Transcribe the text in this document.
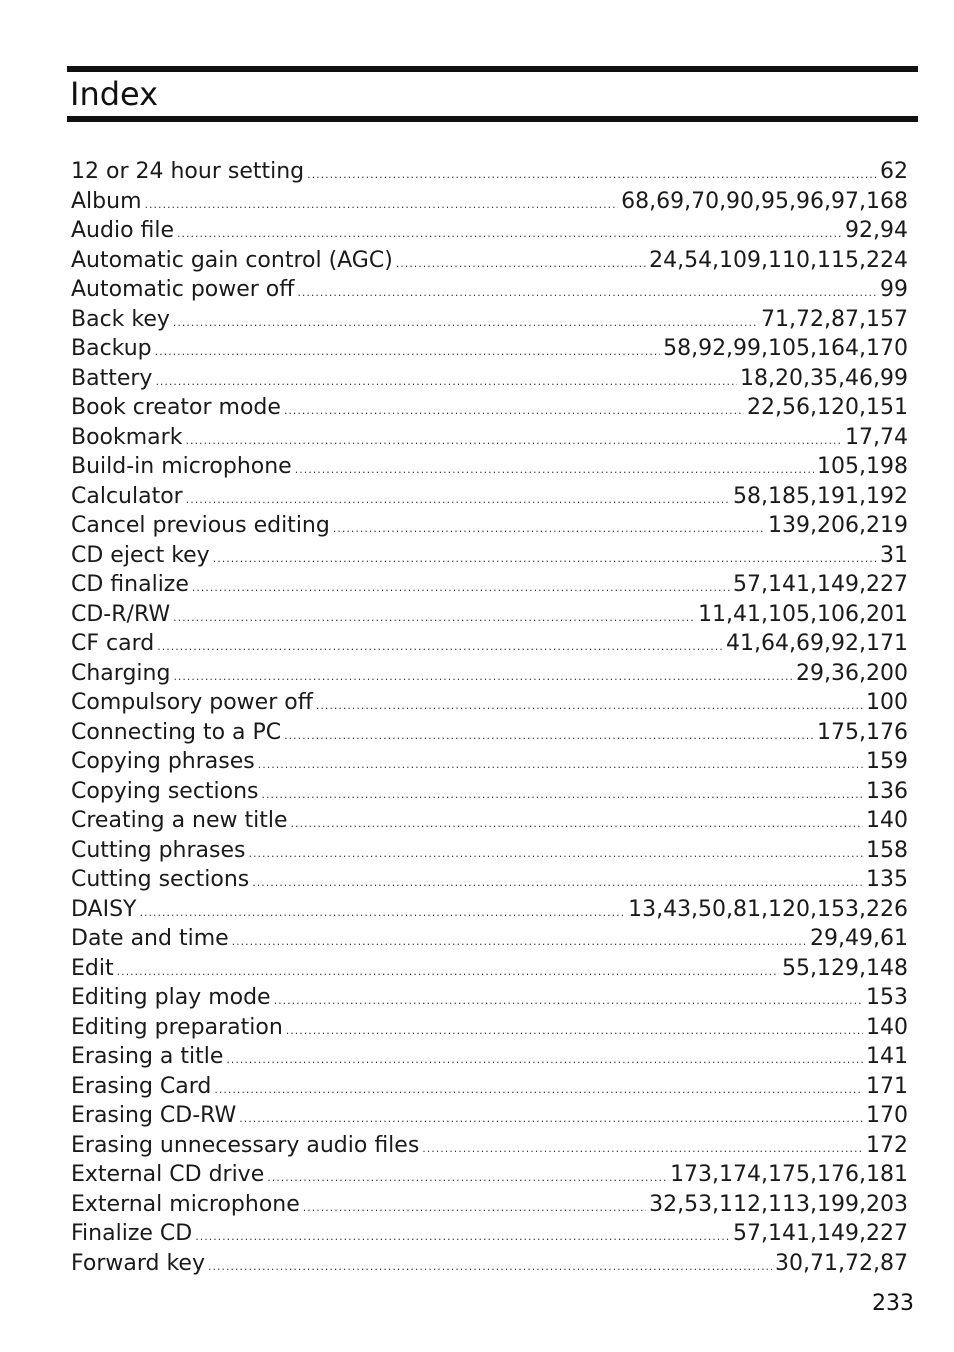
Index
12 or 24 hour setting .....	62
Album .....	68,69,70,90,95,96,97,168
Audio file .....	92,94
Automatic gain control (AGC) .....	24,54,109,110,115,224
Automatic power off .....	99
Back key .....	71,72,87,157
Backup .....	58,92,99,105,164,170
Battery .....	18,20,35,46,99
Book creator mode .....	22,56,120,151
Bookmark .....	17,74
Build-in microphone .....	105,198
Calculator .....	58,185,191,192
Cancel previous editing .....	139,206,219
CD eject key .....	31
CD finalize .....	57,141,149,227
CD-R/RW .....	11,41,105,106,201
CF card .....	41,64,69,92,171
Charging .....	29,36,200
Compulsory power off .....	100
Connecting to a PC .....	175,176
Copying phrases .....	159
Copying sections .....	136
Creating a new title .....	140
Cutting phrases .....	158
Cutting sections .....	135
DAISY .....	13,43,50,81,120,153,226
Date and time .....	29,49,61
Edit .....	55,129,148
Editing play mode .....	153
Editing preparation .....	140
Erasing a title .....	141
Erasing Card .....	171
Erasing CD-RW .....	170
Erasing unnecessary audio files .....	172
External CD drive .....	173,174,175,176,181
External microphone .....	32,53,112,113,199,203
Finalize CD .....	57,141,149,227
Forward key .....	30,71,72,87
233
